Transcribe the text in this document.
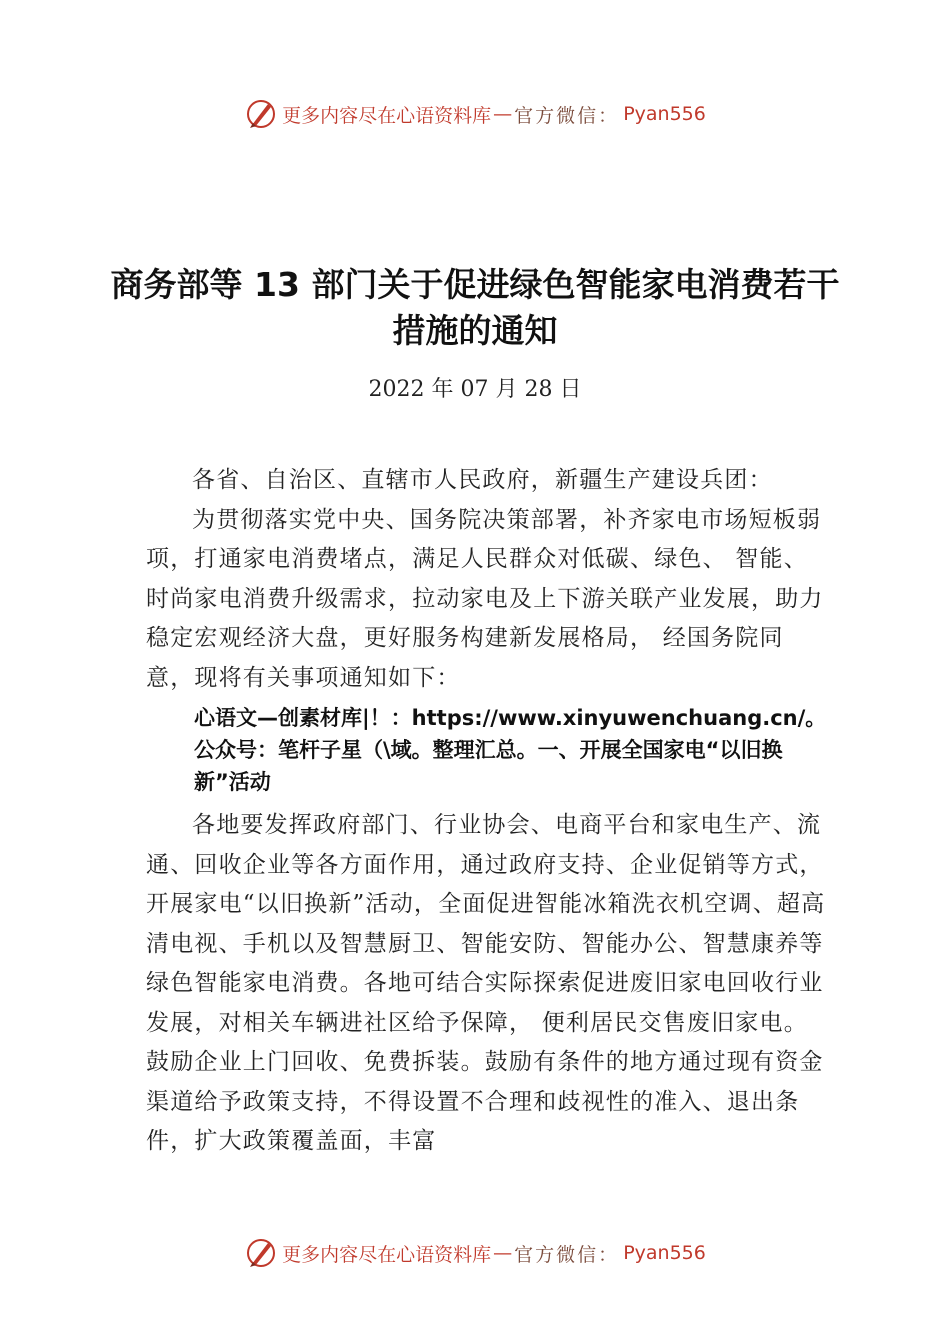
更多内容尽在心语资料库 — 官方微信 ： Pyan556
商务部等 13 部门关于促进绿色智能家电消费若干措施的通知
2022 年 07 月 28 日

各省、自治区、直辖市人民政府，新疆生产建设兵团：

为贯彻落实党中央、国务院决策部署，补齐家电市场短板弱项，打通家电消费堵点，满足人民群众对低碳、绿色、 智能、时尚家电消费升级需求，拉动家电及上下游关联产业发展，助力稳定宏观经济大盘，更好服务构建新发展格局， 经国务院同意，现将有关事项通知如下：

心语文—创素材库|！：https://www.xinyuwenchuang.cn/。公众号：笔杆子星（\域。整理汇总。一、开展全国家电“以旧换新”活动

各地要发挥政府部门、行业协会、电商平台和家电生产、流通、回收企业等各方面作用，通过政府支持、企业促销等方式，开展家电“以旧换新”活动，全面促进智能冰箱洗衣机空调、超高清电视、手机以及智慧厨卫、智能安防、智能办公、智慧康养等绿色智能家电消费。各地可结合实际探索促进废旧家电回收行业发展，对相关车辆进社区给予保障， 便利居民交售废旧家电。鼓励企业上门回收、免费拆装。鼓励有条件的地方通过现有资金渠道给予政策支持，不得设置不合理和歧视性的准入、退出条件，扩大政策覆盖面，丰富

更多内容尽在心语资料库 — 官方微信 ： Pyan556
